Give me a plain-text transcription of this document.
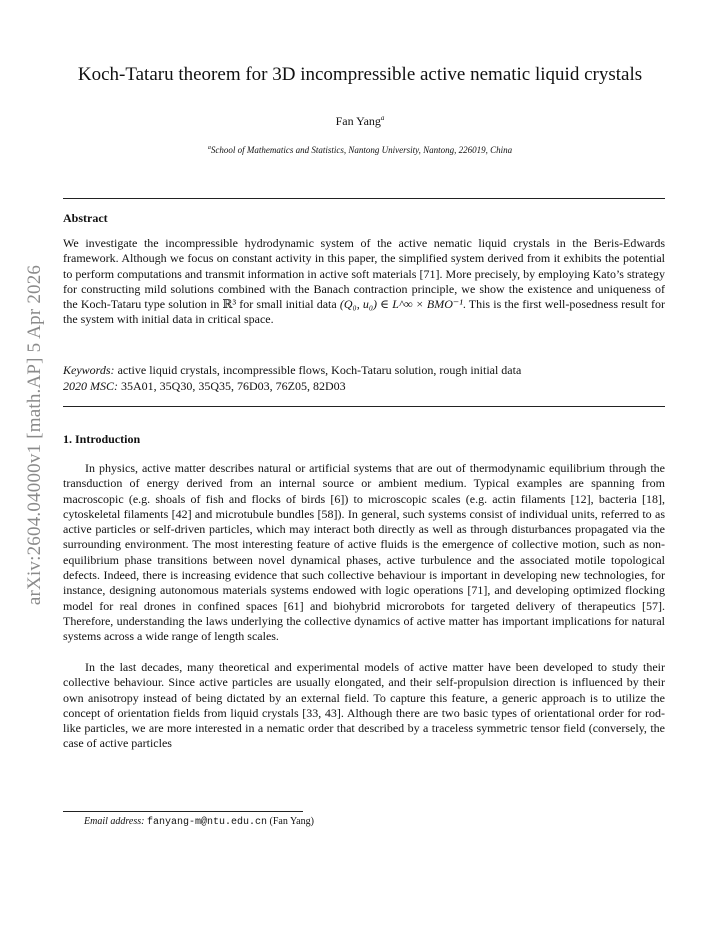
arXiv:2604.04000v1 [math.AP] 5 Apr 2026
Koch-Tataru theorem for 3D incompressible active nematic liquid crystals
Fan Yang$^a$
$^a$School of Mathematics and Statistics, Nantong University, Nantong, 226019, China
Abstract

We investigate the incompressible hydrodynamic system of the active nematic liquid crystals in the Beris-Edwards framework. Although we focus on constant activity in this paper, the simplified system derived from it exhibits the potential to perform computations and transmit information in active soft materials [71]. More precisely, by employing Kato’s strategy for constructing mild solutions combined with the Banach contraction principle, we show the existence and uniqueness of the Koch-Tataru type solution in ℝ³ for small initial data (Q₀, u₀) ∈ L^∞ × BMO⁻¹. This is the first well-posedness result for the system with initial data in critical space.

Keywords: active liquid crystals, incompressible flows, Koch-Tataru solution, rough initial data
2020 MSC: 35A01, 35Q30, 35Q35, 76D03, 76Z05, 82D03
1. Introduction

In physics, active matter describes natural or artificial systems that are out of thermodynamic equilibrium through the transduction of energy derived from an internal source or ambient medium. Typical examples are spanning from macroscopic (e.g. shoals of fish and flocks of birds [6]) to microscopic scales (e.g. actin filaments [12], bacteria [18], cytoskeletal filaments [42] and microtubule bundles [58]). In general, such systems consist of individual units, referred to as active particles or self-driven particles, which may interact both directly as well as through disturbances propagated via the surrounding environment. The most interesting feature of active fluids is the emergence of collective motion, such as non-equilibrium phase transitions between novel dynamical phases, active turbulence and the associated motile topological defects. Indeed, there is increasing evidence that such collective behaviour is important in developing new technologies, for instance, designing autonomous materials systems endowed with logic operations [71], and developing optimized flocking model for real drones in confined spaces [61] and biohybrid microrobots for targeted delivery of therapeutics [57]. Therefore, understanding the laws underlying the collective dynamics of active matter has important implications for natural systems across a wide range of length scales.

In the last decades, many theoretical and experimental models of active matter have been developed to study their collective behaviour. Since active particles are usually elongated, and their self-propulsion direction is influenced by their own anisotropy instead of being dictated by an external field. To capture this feature, a generic approach is to utilize the concept of orientation fields from liquid crystals [33, 43]. Although there are two basic types of orientational order for rod-like particles, we are more interested in a nematic order that described by a traceless symmetric tensor field (conversely, the case of active particles

Email address: fanyang-m@ntu.edu.cn (Fan Yang)
